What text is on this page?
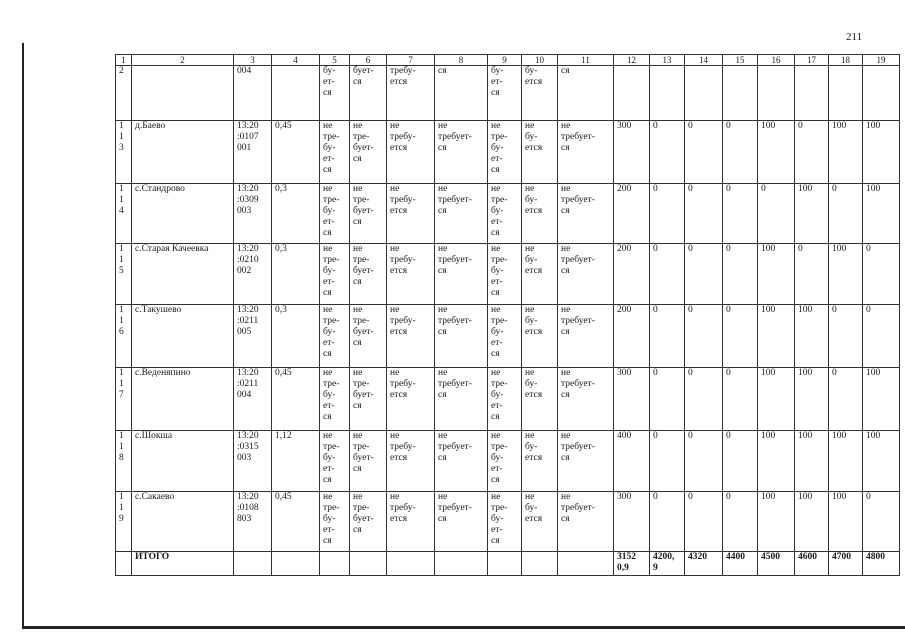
211
1	2	3	4	5	6	7	8	9	10	11	12	13	14	15	16	17	18	19
2		004		бу-
ет-
ся	бует-
ся	требу-
ется	ся	бу-
ет-
ся	бу-
ется	ся								
1
1
3	д.Баево	13:20
:0107
001	0,45	не
тре-
бу-
ет-
ся	не
тре-
бует-
ся	не
требу-
ется	не
требует-
ся	не
тре-
бу-
ет-
ся	не
бу-
ется	не
требует-
ся	300	0	0	0	100	0	100	100
1
1
4	с.Стандрово	13:20
:0309
003	0,3	не
тре-
бу-
ет-
ся	не
тре-
бует-
ся	не
требу-
ется	не
требует-
ся	не
тре-
бу-
ет-
ся	не
бу-
ется	не
требует-
ся	200	0	0	0	0	100	0	100
1
1
5	с.Старая Качеевка	13:20
:0210
002	0,3	не
тре-
бу-
ет-
ся	не
тре-
бует-
ся	не
требу-
ется	не
требует-
ся	не
тре-
бу-
ет-
ся	не
бу-
ется	не
требует-
ся	200	0	0	0	100	0	100	0
1
1
6	с.Такушево	13:20
:0211
005	0,3	не
тре-
бу-
ет-
ся	не
тре-
бует-
ся	не
требу-
ется	не
требует-
ся	не
тре-
бу-
ет-
ся	не
бу-
ется	не
требует-
ся	200	0	0	0	100	100	0	0
1
1
7	с.Веденяпино	13:20
:0211
004	0,45	не
тре-
бу-
ет-
ся	не
тре-
бует-
ся	не
требу-
ется	не
требует-
ся	не
тре-
бу-
ет-
ся	не
бу-
ется	не
требует-
ся	300	0	0	0	100	100	0	100
1
1
8	с.Шокша	13:20
:0315
003	1,12	не
тре-
бу-
ет-
ся	не
тре-
бует-
ся	не
требу-
ется	не
требует-
ся	не
тре-
бу-
ет-
ся	не
бу-
ется	не
требует-
ся	400	0	0	0	100	100	100	100
1
1
9	с.Сакаево	13:20
:0108
803	0,45	не
тре-
бу-
ет-
ся	не
тре-
бует-
ся	не
требу-
ется	не
требует-
ся	не
тре-
бу-
ет-
ся	не
бу-
ется	не
требует-
ся	300	0	0	0	100	100	100	0
	ИТОГО										3152
0,9	4200,
9	4320	4400	4500	4600	4700	4800
